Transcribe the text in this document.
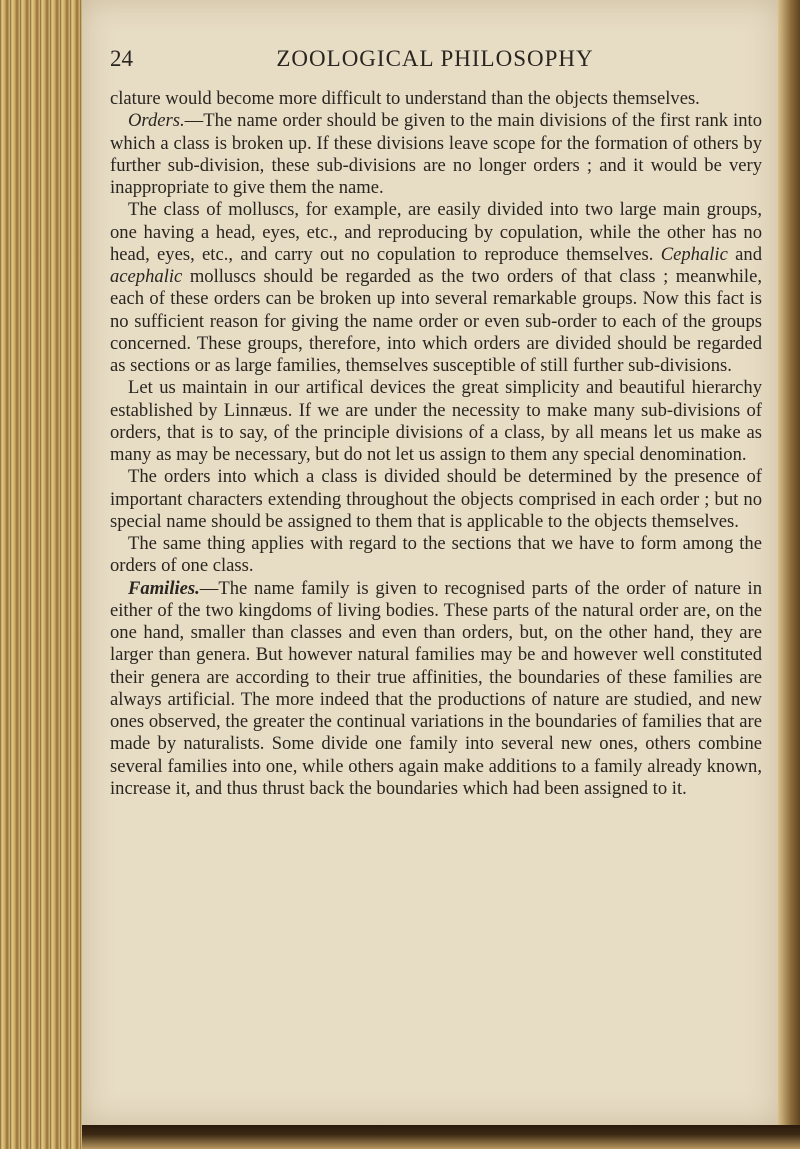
24	ZOOLOGICAL PHILOSOPHY

clature would become more difficult to understand than the objects themselves.

Orders.—The name order should be given to the main divisions of the first rank into which a class is broken up. If these divisions leave scope for the formation of others by further sub-division, these sub-divisions are no longer orders ; and it would be very inappropriate to give them the name.

The class of molluscs, for example, are easily divided into two large main groups, one having a head, eyes, etc., and reproducing by copulation, while the other has no head, eyes, etc., and carry out no copulation to reproduce themselves. Cephalic and acephalic molluscs should be regarded as the two orders of that class ; meanwhile, each of these orders can be broken up into several remarkable groups. Now this fact is no sufficient reason for giving the name order or even sub-order to each of the groups concerned. These groups, therefore, into which orders are divided should be regarded as sections or as large families, themselves susceptible of still further sub-divisions.

Let us maintain in our artifical devices the great simplicity and beautiful hierarchy established by Linnæus. If we are under the necessity to make many sub-divisions of orders, that is to say, of the principle divisions of a class, by all means let us make as many as may be necessary, but do not let us assign to them any special denomination.

The orders into which a class is divided should be determined by the presence of important characters extending throughout the objects comprised in each order ; but no special name should be assigned to them that is applicable to the objects themselves.

The same thing applies with regard to the sections that we have to form among the orders of one class.

Families.—The name family is given to recognised parts of the order of nature in either of the two kingdoms of living bodies. These parts of the natural order are, on the one hand, smaller than classes and even than orders, but, on the other hand, they are larger than genera. But however natural families may be and however well constituted their genera are according to their true affinities, the boundaries of these families are always artificial. The more indeed that the productions of nature are studied, and new ones observed, the greater the continual variations in the boundaries of families that are made by naturalists. Some divide one family into several new ones, others combine several families into one, while others again make additions to a family already known, increase it, and thus thrust back the boundaries which had been assigned to it.
